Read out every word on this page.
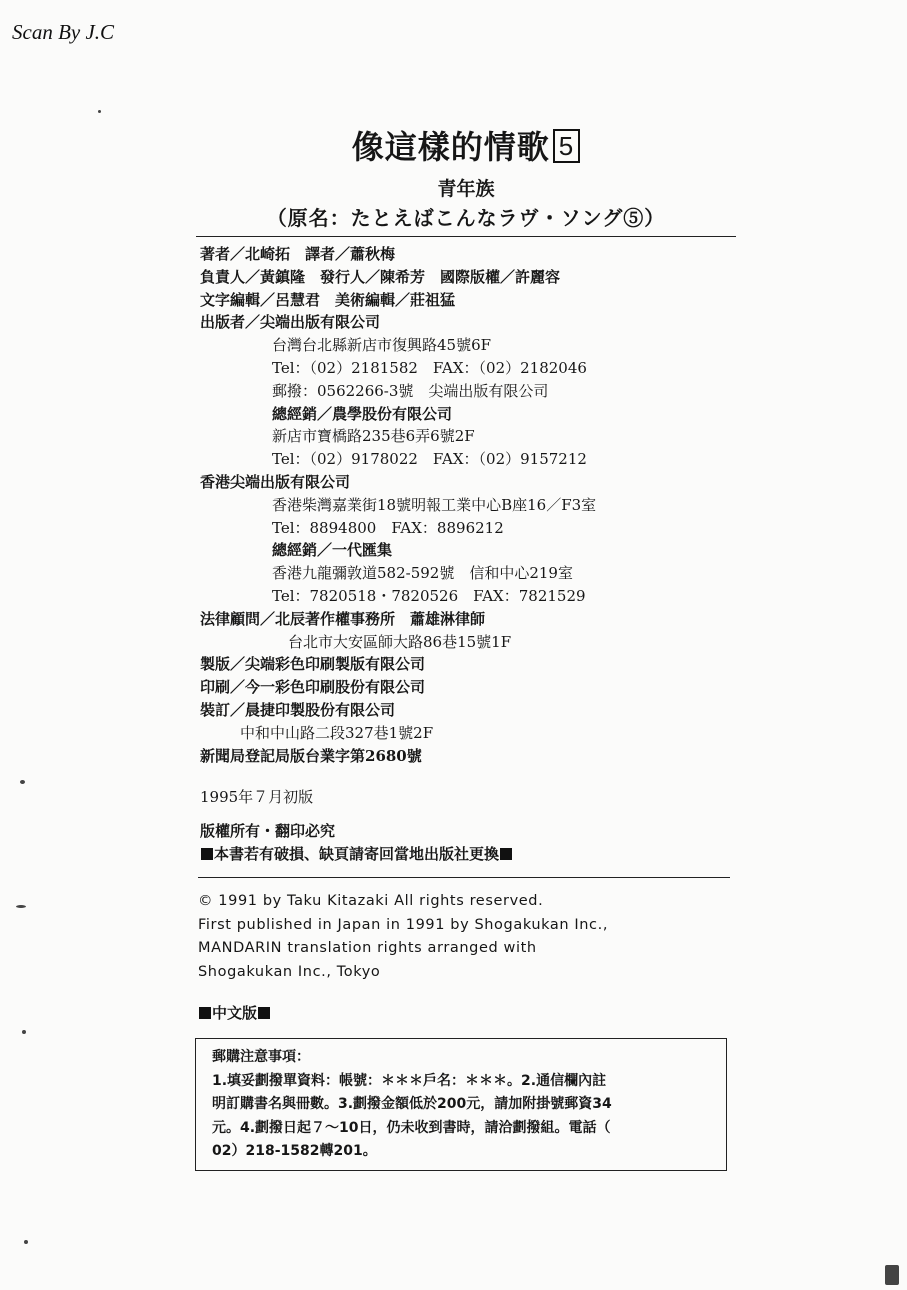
Scan By J.C
像這樣的情歌 5
青年族
（原名：たとえばこんなラヴ・ソング⑤）
著者／北崎拓　譯者／蕭秋梅
負責人／黃鎮隆　發行人／陳希芳　國際版權／許麗容
文字編輯／呂慧君　美術編輯／莊祖猛
出版者／尖端出版有限公司
台灣台北縣新店市復興路45號6F
Tel：（02）2181582　FAX：（02）2182046
郵撥：0562266-3號　尖端出版有限公司
總經銷／農學股份有限公司
新店市寶橋路235巷6弄6號2F
Tel：（02）9178022　FAX：（02）9157212
香港尖端出版有限公司
香港柴灣嘉業街18號明報工業中心B座16／F3室
Tel：8894800　FAX：8896212
總經銷／一代匯集
香港九龍彌敦道582-592號　信和中心219室
Tel：7820518・7820526　FAX：7821529
法律顧問／北辰著作權事務所　蕭雄淋律師
台北市大安區師大路86巷15號1F
製版／尖端彩色印刷製版有限公司
印刷／今一彩色印刷股份有限公司
裝訂／晨捷印製股份有限公司
中和中山路二段327巷1號2F
新聞局登記局版台業字第2680號
1995年７月初版
版權所有・翻印必究
本書若有破損、缺頁請寄回當地出版社更換
© 1991 by Taku Kitazaki All rights reserved.
First published in Japan in 1991 by Shogakukan Inc.,
MANDARIN translation rights arranged with
Shogakukan Inc., Tokyo
中文版

郵購注意事項：

1.填妥劃撥單資料：帳號：＊＊＊戶名：＊＊＊。2.通信欄內註

明訂購書名與冊數。3.劃撥金額低於200元，請加附掛號郵資34

元。4.劃撥日起７～10日，仍未收到書時，請洽劃撥組。電話（

02）218-1582轉201。
